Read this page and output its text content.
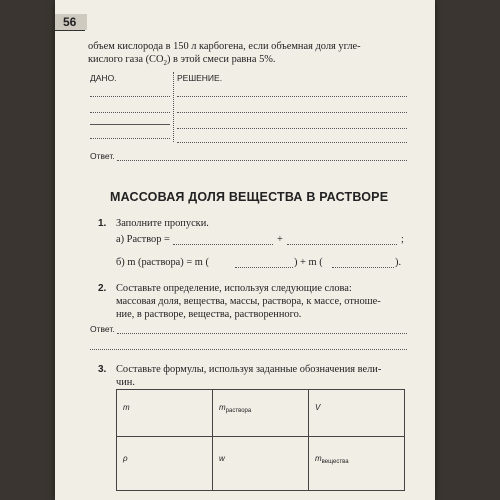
56
объем кислорода в 150 л карбогена, если объемная доля угле-
кислого газа $(CO_2)$ в этой смеси равна 5%.
ДАНО.	РЕШЕНИЕ.
Ответ.
МАССОВАЯ ДОЛЯ ВЕЩЕСТВА В РАСТВОРЕ
1. Заполните пропуски.
а) Раствор =	+	;
б) m (раствора) = m (	) + m (	).
2. Составьте определение, используя следующие слова:
массовая доля, вещества, массы, раствора, к массе, отноше-
ние, в растворе, вещества, растворенного.
Ответ.
3. Составьте формулы, используя заданные обозначения вели-
чин.
m	$m_{раствора}$	V
ρ	w	$m_{вещества}$
